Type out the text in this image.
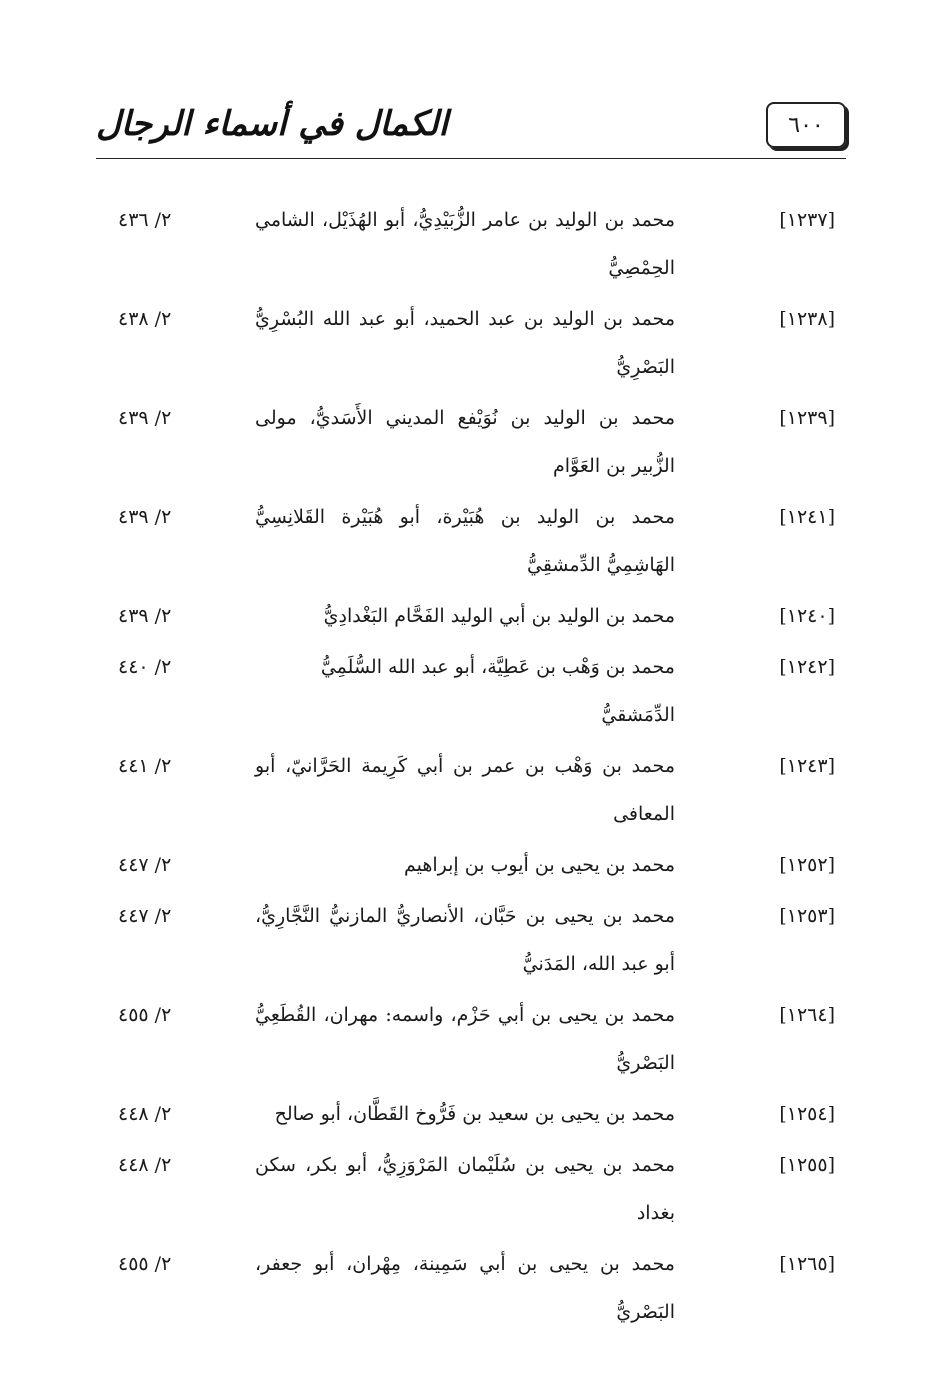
الكمال في أسماء الرجال	٦٠٠
[١٢٣٧]
محمد بن الوليد بن عامر الزُّبَيْدِيُّ، أبو الهُذَيْل، الشامي الحِمْصِيُّ
٢/ ٤٣٦
[١٢٣٨]
محمد بن الوليد بن عبد الحميد، أبو عبد الله البُسْرِيُّ البَصْرِيُّ
٢/ ٤٣٨
[١٢٣٩]
محمد بن الوليد بن نُوَيْفع المديني الأَسَديُّ، مولى الزُّبير بن العَوَّام
٢/ ٤٣٩
[١٢٤١]
محمد بن الوليد بن هُبَيْرة، أبو هُبَيْرة القَلانِسِيُّ الهَاشِمِيُّ الدِّمشقِيُّ
٢/ ٤٣٩
[١٢٤٠]
محمد بن الوليد بن أبي الوليد الفَحَّام البَغْدادِيُّ
٢/ ٤٣٩
[١٢٤٢]
محمد بن وَهْب بن عَطِيَّة، أبو عبد الله السُّلَمِيُّ الدِّمَشقيُّ
٢/ ٤٤٠
[١٢٤٣]
محمد بن وَهْب بن عمر بن أبي كَرِيمة الحَرَّانيّ، أبو المعافى
٢/ ٤٤١
[١٢٥٢]
محمد بن يحيى بن أيوب بن إبراهيم
٢/ ٤٤٧
[١٢٥٣]
محمد بن يحيى بن حَبَّان، الأنصاريُّ المازنيُّ النَّجَّارِيُّ، أبو عبد الله، المَدَنيُّ
٢/ ٤٤٧
[١٢٦٤]
محمد بن يحيى بن أبي حَزْم، واسمه: مهران، القُطَعِيُّ البَصْريُّ
٢/ ٤٥٥
[١٢٥٤]
محمد بن يحيى بن سعيد بن فَرُّوخ القَطَّان، أبو صالح
٢/ ٤٤٨
[١٢٥٥]
محمد بن يحيى بن سُلَيْمان المَرْوَزِيُّ، أبو بكر، سكن بغداد
٢/ ٤٤٨
[١٢٦٥]
محمد بن يحيى بن أبي سَمِينة، مِهْران، أبو جعفر، البَصْريُّ
٢/ ٤٥٥
